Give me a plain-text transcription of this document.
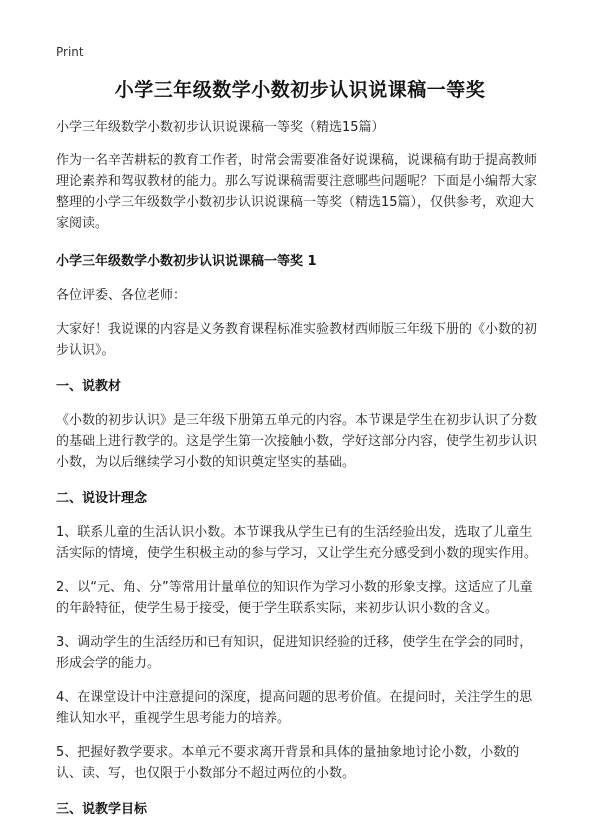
Print
小学三年级数学小数初步认识说课稿一等奖
小学三年级数学小数初步认识说课稿一等奖（精选15篇）

作为一名辛苦耕耘的教育工作者，时常会需要准备好说课稿，说课稿有助于提高教师理论素养和驾驭教材的能力。那么写说课稿需要注意哪些问题呢？下面是小编帮大家整理的小学三年级数学小数初步认识说课稿一等奖（精选15篇），仅供参考，欢迎大家阅读。

小学三年级数学小数初步认识说课稿一等奖 1

各位评委、各位老师：

大家好！我说课的内容是义务教育课程标准实验教材西师版三年级下册的《小数的初步认识》。

一、说教材

《小数的初步认识》是三年级下册第五单元的内容。本节课是学生在初步认识了分数的基础上进行教学的。这是学生第一次接触小数，学好这部分内容，使学生初步认识小数，为以后继续学习小数的知识奠定坚实的基础。

二、说设计理念

1、联系儿童的生活认识小数。本节课我从学生已有的生活经验出发，选取了儿童生活实际的情境，使学生积极主动的参与学习，又让学生充分感受到小数的现实作用。

2、以“元、角、分”等常用计量单位的知识作为学习小数的形象支撑。这适应了儿童的年龄特征，使学生易于接受，便于学生联系实际，来初步认识小数的含义。

3、调动学生的生活经历和已有知识，促进知识经验的迁移，使学生在学会的同时，形成会学的能力。

4、在课堂设计中注意提问的深度，提高问题的思考价值。在提问时，关注学生的思维认知水平，重视学生思考能力的培养。

5、把握好教学要求。本单元不要求离开背景和具体的量抽象地讨论小数，小数的认、读、写，也仅限于小数部分不超过两位的小数。

三、说教学目标
